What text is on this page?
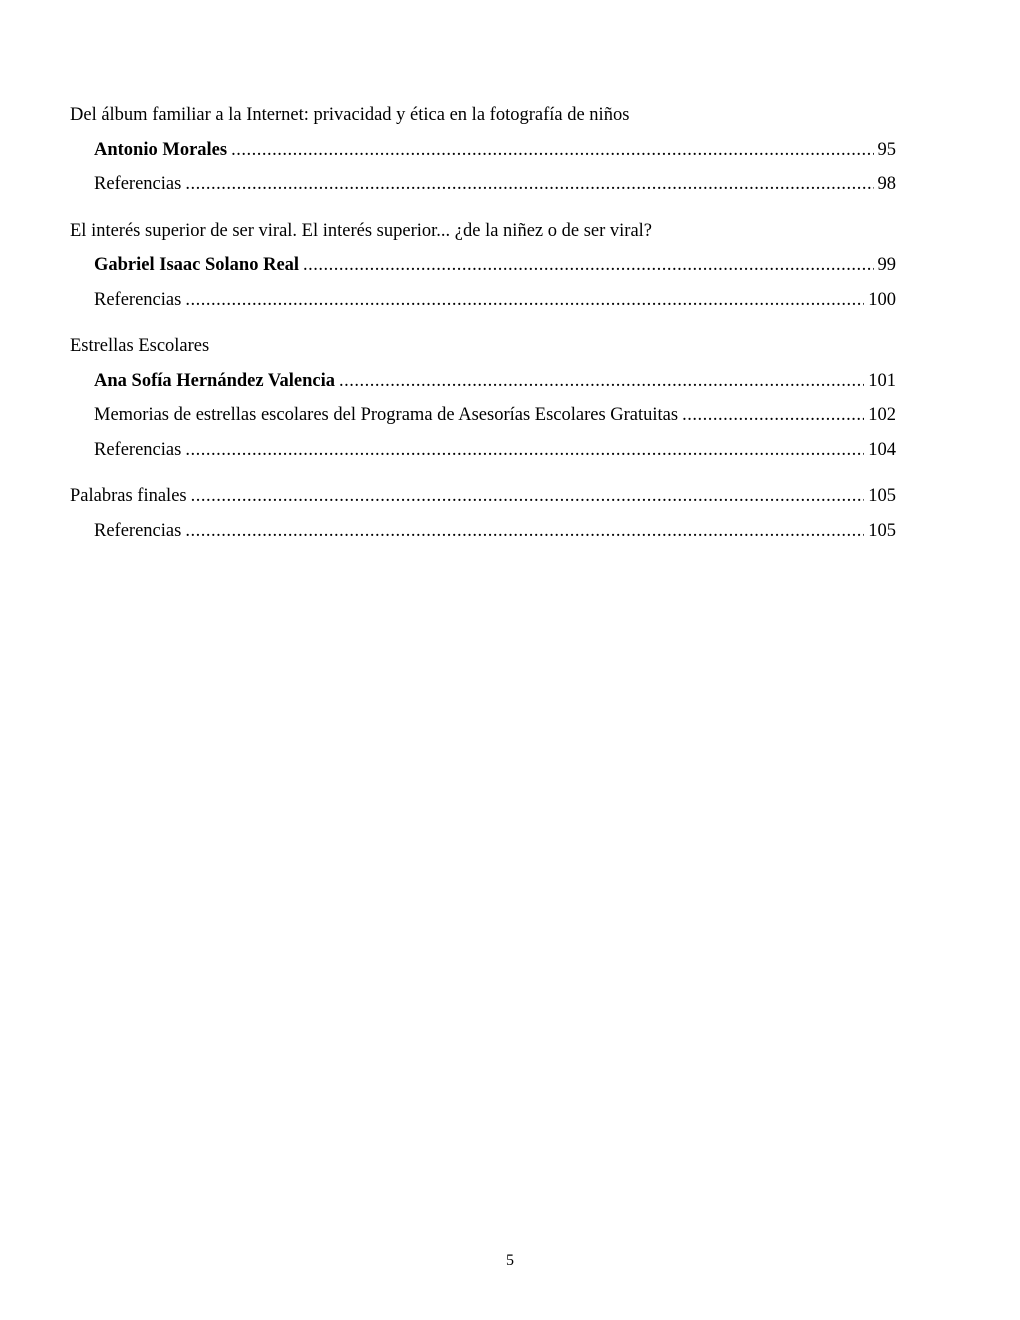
Del álbum familiar a la Internet: privacidad y ética en la fotografía de niños
Antonio Morales .....	95
Referencias .....	98
El interés superior de ser viral. El interés superior... ¿de la niñez o de ser viral?
Gabriel Isaac Solano Real .....	99
Referencias .....	100
Estrellas Escolares
Ana Sofía Hernández Valencia .....	101
Memorias de estrellas escolares del Programa de Asesorías Escolares Gratuitas .....	102
Referencias .....	104
Palabras finales .....	105
Referencias .....	105
5
